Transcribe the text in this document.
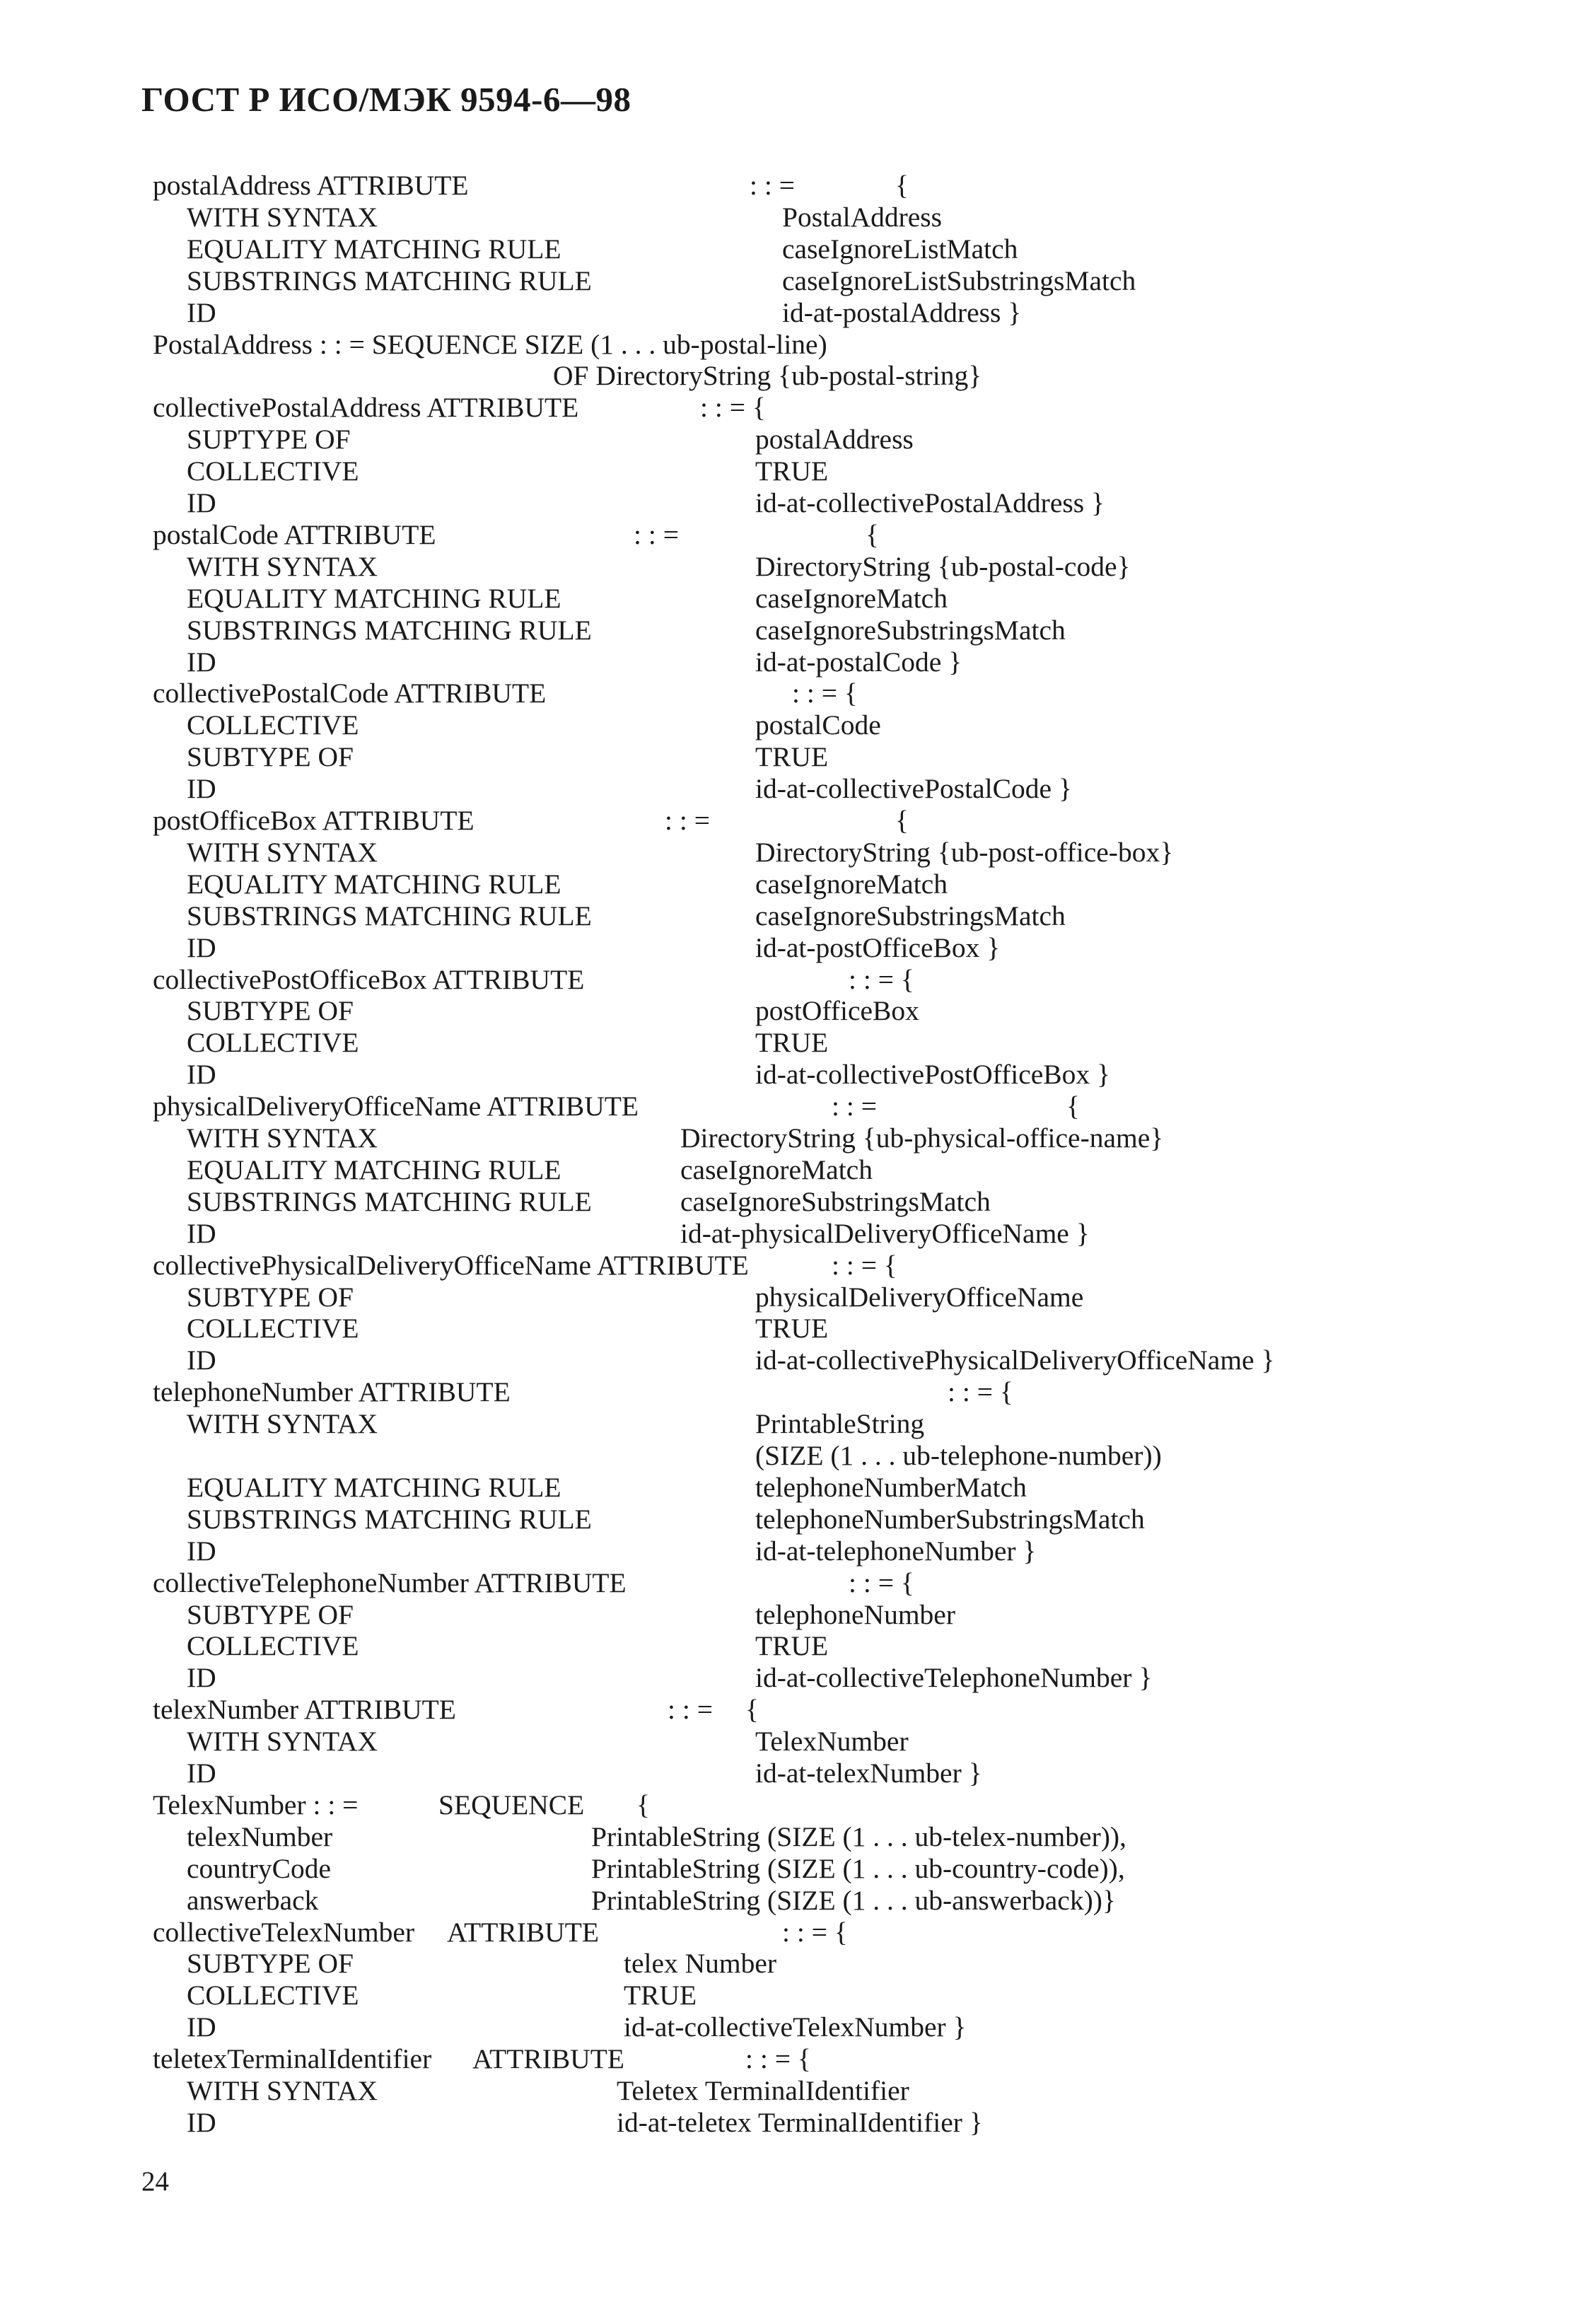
ГОСТ Р ИСО/МЭК 9594-6—98
postalAddress ATTRIBUTE	: : =	{
WITH SYNTAX	PostalAddress
EQUALITY MATCHING RULE	caseIgnoreListMatch
SUBSTRINGS MATCHING RULE	caseIgnoreListSubstringsMatch
ID	id-at-postalAddress }
PostalAddress : : = SEQUENCE SIZE (1 . . . ub-postal-line)
OF DirectoryString {ub-postal-string}
collectivePostalAddress ATTRIBUTE	: : = {
SUPTYPE OF	postalAddress
COLLECTIVE	TRUE
ID	id-at-collectivePostalAddress }
postalCode ATTRIBUTE	: : =	{
WITH SYNTAX	DirectoryString {ub-postal-code}
EQUALITY MATCHING RULE	caseIgnoreMatch
SUBSTRINGS MATCHING RULE	caseIgnoreSubstringsMatch
ID	id-at-postalCode }
collectivePostalCode ATTRIBUTE	: : = {
COLLECTIVE	postalCode
SUBTYPE OF	TRUE
ID	id-at-collectivePostalCode }
postOfficeBox ATTRIBUTE	: : =	{
WITH SYNTAX	DirectoryString {ub-post-office-box}
EQUALITY MATCHING RULE	caseIgnoreMatch
SUBSTRINGS MATCHING RULE	caseIgnoreSubstringsMatch
ID	id-at-postOfficeBox }
collectivePostOfficeBox ATTRIBUTE	: : = {
SUBTYPE OF	postOfficeBox
COLLECTIVE	TRUE
ID	id-at-collectivePostOfficeBox }
physicalDeliveryOfficeName ATTRIBUTE	: : =	{
WITH SYNTAX	DirectoryString {ub-physical-office-name}
EQUALITY MATCHING RULE	caseIgnoreMatch
SUBSTRINGS MATCHING RULE	caseIgnoreSubstringsMatch
ID	id-at-physicalDeliveryOfficeName }
collectivePhysicalDeliveryOfficeName ATTRIBUTE	: : = {
SUBTYPE OF	physicalDeliveryOfficeName
COLLECTIVE	TRUE
ID	id-at-collectivePhysicalDeliveryOfficeName }
telephoneNumber ATTRIBUTE	: : = {
WITH SYNTAX	PrintableString
(SIZE (1 . . . ub-telephone-number))
EQUALITY MATCHING RULE	telephoneNumberMatch
SUBSTRINGS MATCHING RULE	telephoneNumberSubstringsMatch
ID	id-at-telephoneNumber }
collectiveTelephoneNumber ATTRIBUTE	: : = {
SUBTYPE OF	telephoneNumber
COLLECTIVE	TRUE
ID	id-at-collectiveTelephoneNumber }
telexNumber ATTRIBUTE	: : = {
WITH SYNTAX	TelexNumber
ID	id-at-telexNumber }
TelexNumber : : =	SEQUENCE {
telexNumber	PrintableString (SIZE (1 . . . ub-telex-number)),
countryCode	PrintableString (SIZE (1 . . . ub-country-code)),
answerback	PrintableString (SIZE (1 . . . ub-answerback))}
collectiveTelexNumber ATTRIBUTE	: : = {
SUBTYPE OF	telex Number
COLLECTIVE	TRUE
ID	id-at-collectiveTelexNumber }
teletexTerminalIdentifier ATTRIBUTE	: : = {
WITH SYNTAX	Teletex TerminalIdentifier
ID	id-at-teletex TerminalIdentifier }
24
